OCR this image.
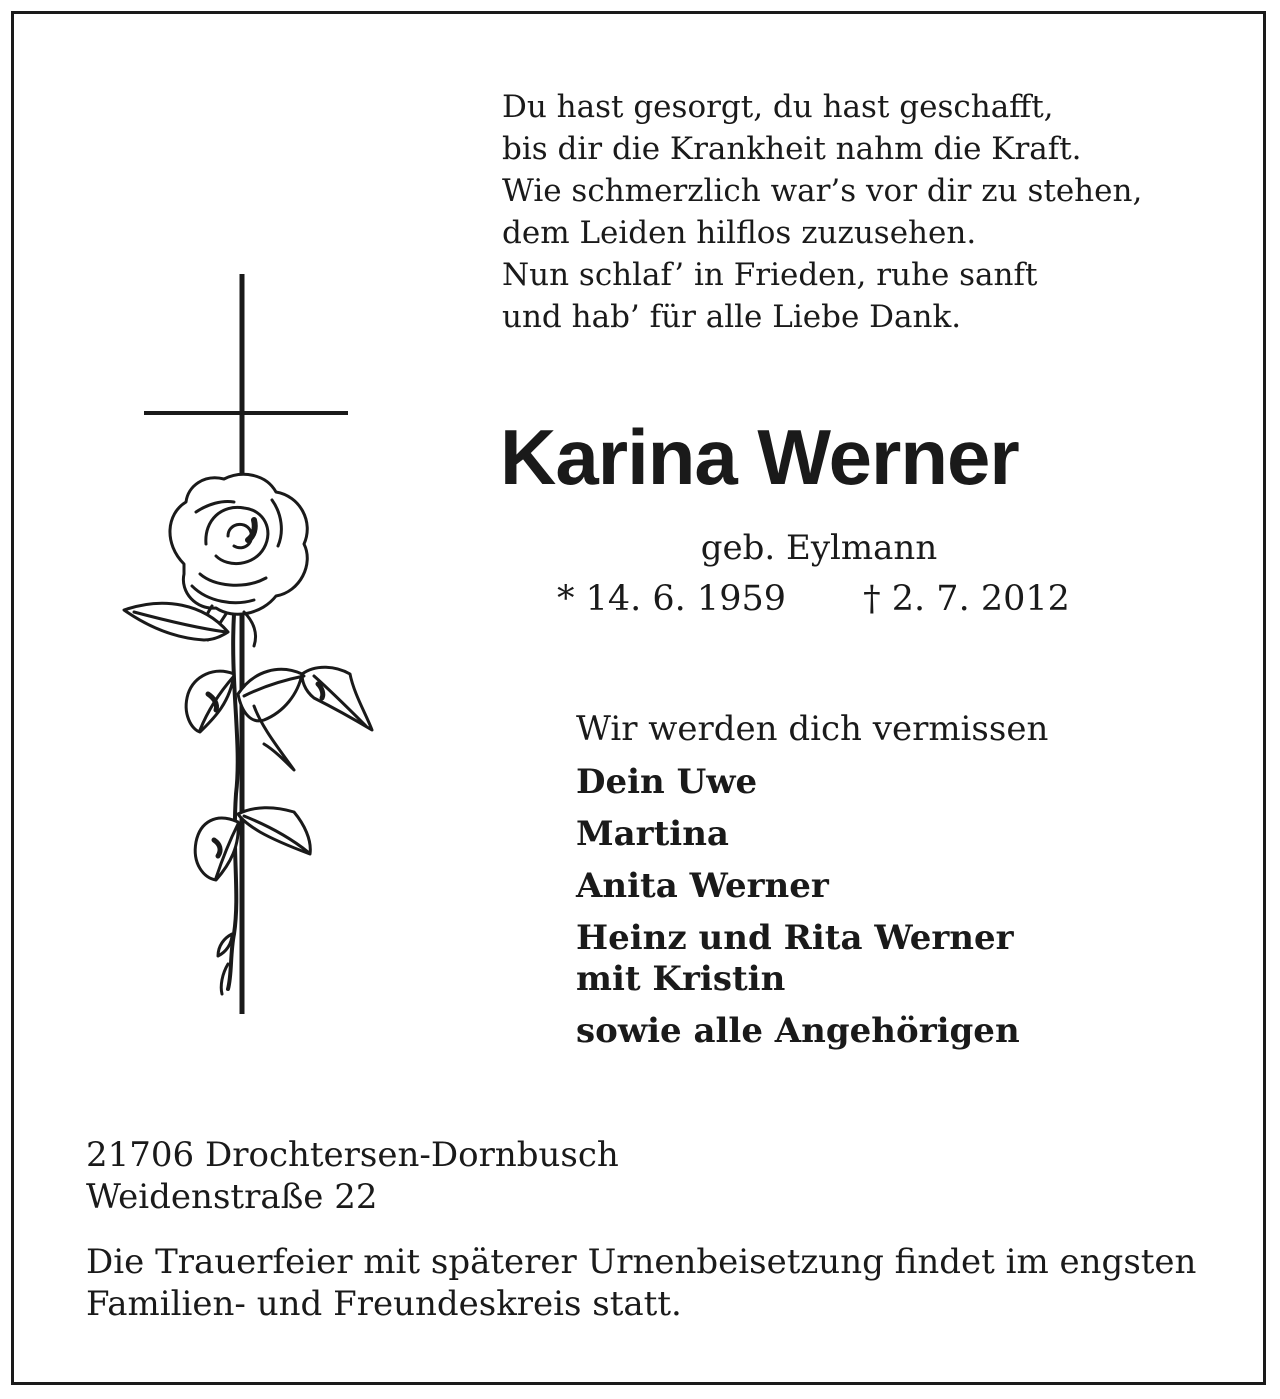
Du hast gesorgt, du hast geschafft,
bis dir die Krankheit nahm die Kraft.
Wie schmerzlich war’s vor dir zu stehen,
dem Leiden hilflos zuzusehen.
Nun schlaf’ in Frieden, ruhe sanft
und hab’ für alle Liebe Dank.
Karina Werner
geb. Eylmann
* 14. 6. 1959 † 2. 7. 2012
Wir werden dich vermissen
Dein Uwe
Martina
Anita Werner
Heinz und Rita Werner
mit Kristin
sowie alle Angehörigen
21706 Drochtersen-Dornbusch
Weidenstraße 22
Die Trauerfeier mit späterer Urnenbeisetzung findet im engsten Familien- und Freundeskreis statt.
